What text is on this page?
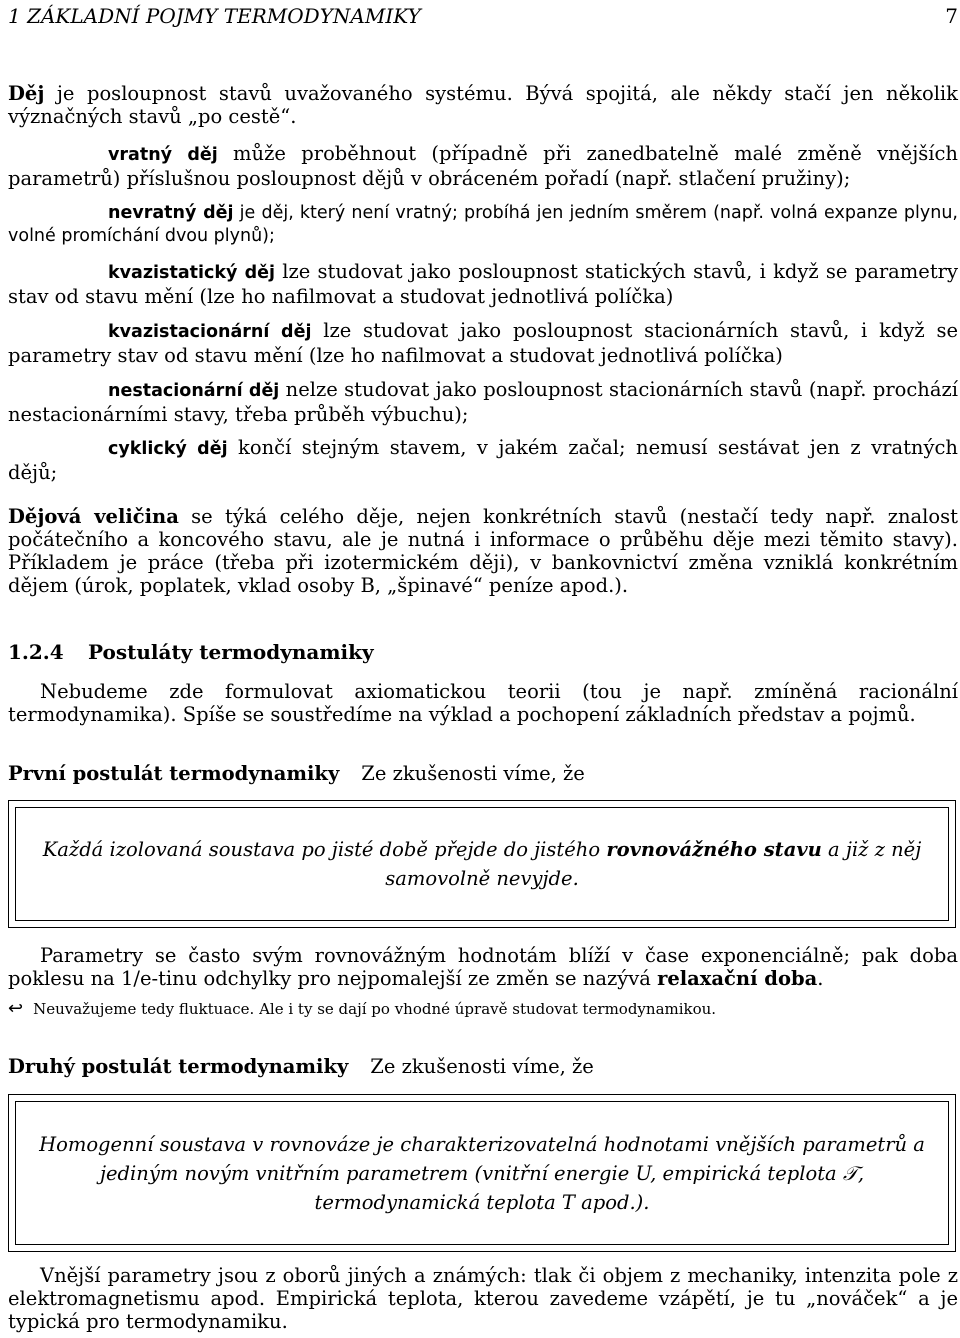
1 ZÁKLADNÍ POJMY TERMODYNAMIKY	7
Děj je posloupnost stavů uvažovaného systému. Bývá spojitá, ale někdy stačí jen několik význačných stavů „po cestě“.
vratný děj může proběhnout (případně při zanedbatelně malé změně vnějších parametrů) příslušnou posloupnost dějů v obráceném pořadí (např. stlačení pružiny);
nevratný děj je děj, který není vratný; probíhá jen jedním směrem (např. volná expanze plynu, volné promíchání dvou plynů);
kvazistatický děj lze studovat jako posloupnost statických stavů, i když se parametry stav od stavu mění (lze ho nafilmovat a studovat jednotlivá políčka)
kvazistacionární děj lze studovat jako posloupnost stacionárních stavů, i když se parametry stav od stavu mění (lze ho nafilmovat a studovat jednotlivá políčka)
nestacionární děj nelze studovat jako posloupnost stacionárních stavů (např. prochází nestacionárními stavy, třeba průběh výbuchu);
cyklický děj končí stejným stavem, v jakém začal; nemusí sestávat jen z vratných dějů;
Dějová veličina se týká celého děje, nejen konkrétních stavů (nestačí tedy např. znalost počátečního a koncového stavu, ale je nutná i informace o průběhu děje mezi těmito stavy). Příkladem je práce (třeba při izotermickém ději), v bankovnictví změna vzniklá konkrétním dějem (úrok, poplatek, vklad osoby B, „špinavé“ peníze apod.).
1.2.4 Postuláty termodynamiky
Nebudeme zde formulovat axiomatickou teorii (tou je např. zmíněná racionální termodynamika). Spíše se soustředíme na výklad a pochopení základních představ a pojmů.
První postulát termodynamiky Ze zkušenosti víme, že
Každá izolovaná soustava po jisté době přejde do jistého rovnovážného stavu a již z něj samovolně nevyjde.
Parametry se často svým rovnovážným hodnotám blíží v čase exponenciálně; pak doba poklesu na 1/e-tinu odchylky pro nejpomalejší ze změn se nazývá relaxační doba.
↩ Neuvažujeme tedy fluktuace. Ale i ty se dají po vhodné úpravě studovat termodynamikou.
Druhý postulát termodynamiky Ze zkušenosti víme, že
Homogenní soustava v rovnováze je charakterizovatelná hodnotami vnějších parametrů a jediným novým vnitřním parametrem (vnitřní energie U, empirická teplota 𝒯, termodynamická teplota T apod.).
Vnější parametry jsou z oborů jiných a známých: tlak či objem z mechaniky, intenzita pole z elektromagnetismu apod. Empirická teplota, kterou zavedeme vzápětí, je tu „nováček“ a je typická pro termodynamiku.
